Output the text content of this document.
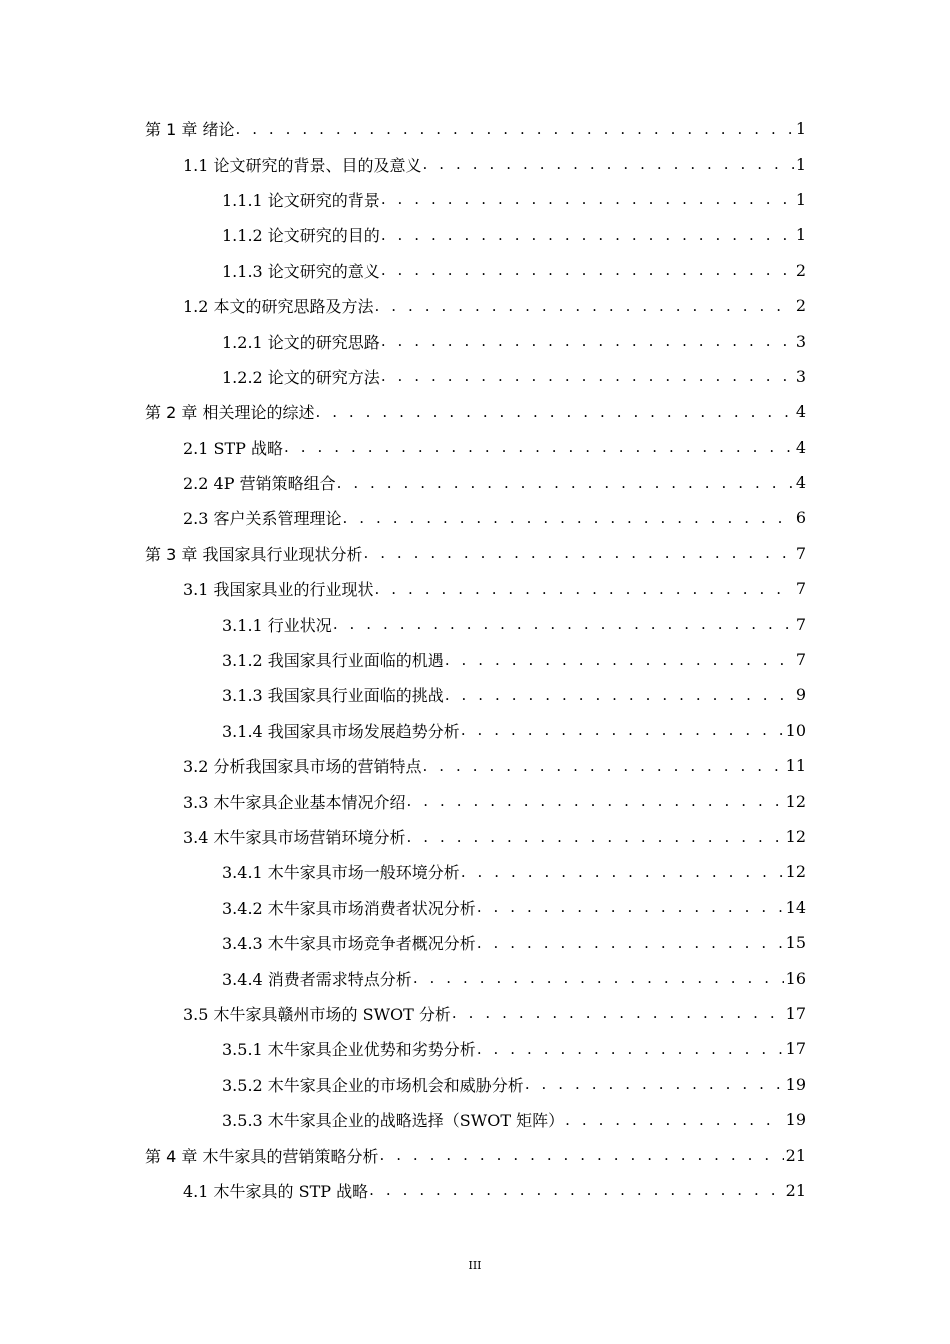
第 1 章 绪论 . . .	1
1.1 论文研究的背景、目的及意义 . . .	1
1.1.1 论文研究的背景 . . .	1
1.1.2 论文研究的目的 . . .	1
1.1.3 论文研究的意义 . . .	2
1.2 本文的研究思路及方法 . . .	2
1.2.1 论文的研究思路 . . .	3
1.2.2 论文的研究方法 . . .	3
第 2 章 相关理论的综述 . . .	4
2.1 STP 战略 . . .	4
2.2 4P 营销策略组合 . . .	4
2.3 客户关系管理理论 . . .	6
第 3 章 我国家具行业现状分析 . . .	7
3.1 我国家具业的行业现状 . . .	7
3.1.1 行业状况 . . .	7
3.1.2 我国家具行业面临的机遇 . . .	7
3.1.3 我国家具行业面临的挑战 . . .	9
3.1.4 我国家具市场发展趋势分析 . . .	10
3.2 分析我国家具市场的营销特点 . . .	11
3.3 木牛家具企业基本情况介绍 . . .	12
3.4 木牛家具市场营销环境分析 . . .	12
3.4.1 木牛家具市场一般环境分析 . . .	12
3.4.2 木牛家具市场消费者状况分析 . . .	14
3.4.3 木牛家具市场竞争者概况分析 . . .	15
3.4.4 消费者需求特点分析 . . .	16
3.5 木牛家具赣州市场的 SWOT 分析 . . .	17
3.5.1 木牛家具企业优势和劣势分析 . . .	17
3.5.2 木牛家具企业的市场机会和威胁分析 . . .	19
3.5.3 木牛家具企业的战略选择（SWOT 矩阵） . . .	19
第 4 章 木牛家具的营销策略分析 . . .	21
4.1 木牛家具的 STP 战略 . . .	21
III
